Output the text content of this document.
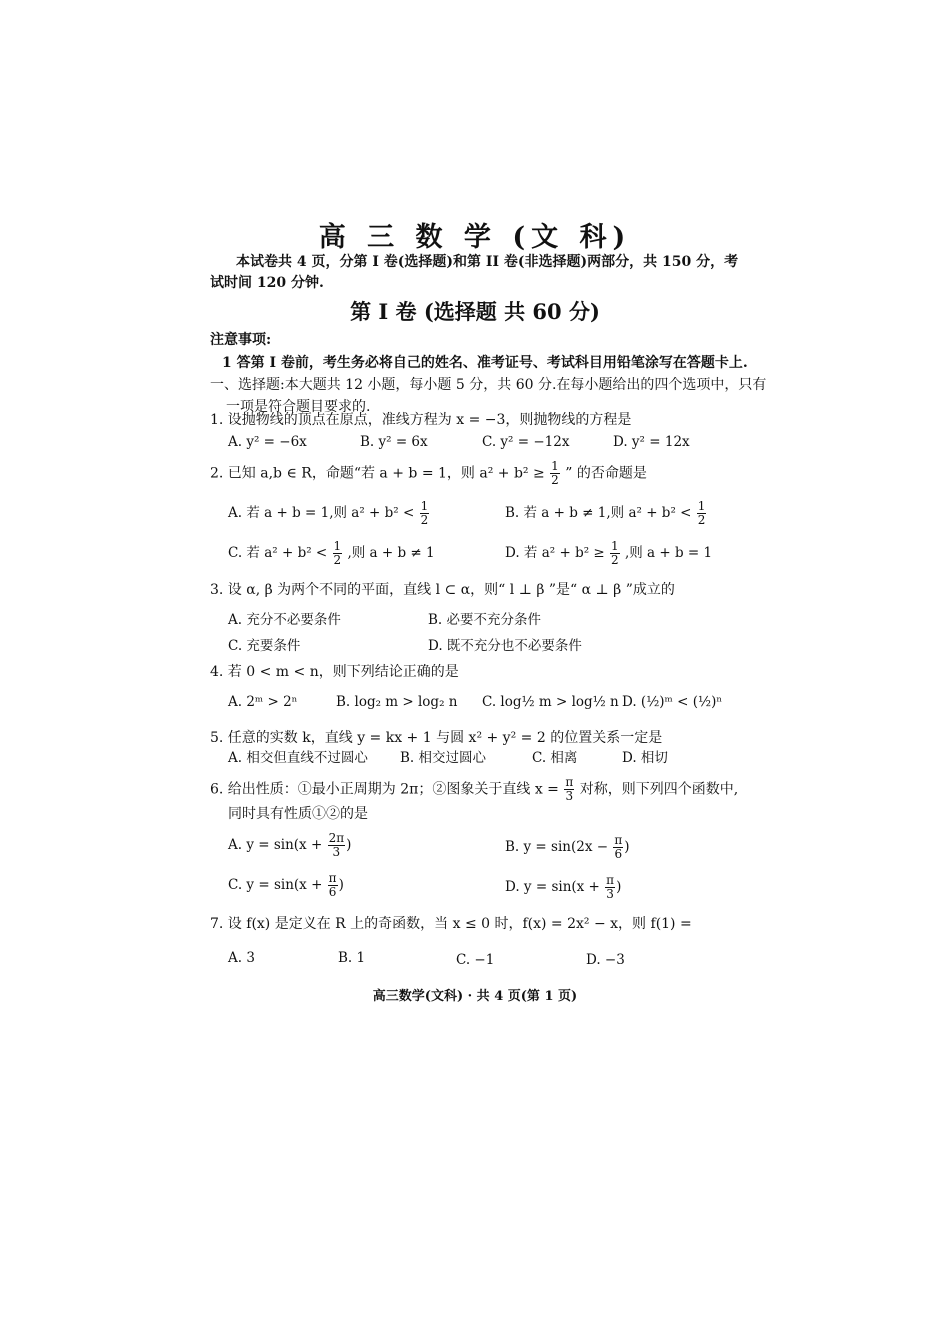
高 三 数 学 (文 科)
本试卷共 4 页，分第 I 卷(选择题)和第 II 卷(非选择题)两部分，共 150 分，考试时间 120 分钟.
第 I 卷 (选择题 共 60 分)
注意事项:
1 答第 I 卷前，考生务必将自己的姓名、准考证号、考试科目用铅笔涂写在答题卡上.
一、选择题:本大题共 12 小题，每小题 5 分，共 60 分.在每小题给出的四个选项中，只有
一项是符合题目要求的.
1. 设抛物线的顶点在原点，准线方程为 x = −3，则抛物线的方程是
A. y² = −6x	B. y² = 6x	C. y² = −12x	D. y² = 12x
2. 已知 a,b ∈ R，命题“若 a + b = 1，则 $a^2 + b^2 \ge \frac{1}{2}$ ” 的否命题是
A. 若 a + b = 1,则 $a^2 + b^2 < \frac{1}{2}$	B. 若 a + b ≠ 1,则 $a^2 + b^2 < \frac{1}{2}$
C. 若 $a^2 + b^2 < \frac{1}{2}$ ,则 a + b ≠ 1	D. 若 $a^2 + b^2 \ge \frac{1}{2}$ ,则 a + b = 1
3. 设 α, β 为两个不同的平面，直线 l ⊂ α，则“ l ⊥ β ”是“ α ⊥ β ”成立的
A. 充分不必要条件	B. 必要不充分条件
C. 充要条件	D. 既不充分也不必要条件
4. 若 0 < m < n，则下列结论正确的是
A. 2ᵐ > 2ⁿ	B. log₂ m > log₂ n C. log½ m > log½ n D. (½)ᵐ < (½)ⁿ
5. 任意的实数 k，直线 y = kx + 1 与圆 x² + y² = 2 的位置关系一定是
A. 相交但直线不过圆心 B. 相交过圆心	C. 相离	D. 相切
6. 给出性质：①最小正周期为 2π；②图象关于直线 $x = \frac{\pi}{3}$ 对称，则下列四个函数中,
同时具有性质①②的是
A. $y = \sin(x + \frac{2\pi}{3}$ )	B. $y = \sin(2x - \frac{\pi}{6}$ )
C. $y = \sin(x + \frac{\pi}{6}$ )	D. $y = \sin(x + \frac{\pi}{3}$ )
7. 设 f(x) 是定义在 R 上的奇函数，当 x ≤ 0 时，f(x) = 2x² − x，则 f(1) =
A. 3	B. 1	C. −1	D. −3
高三数学(文科) · 共 4 页(第 1 页)
